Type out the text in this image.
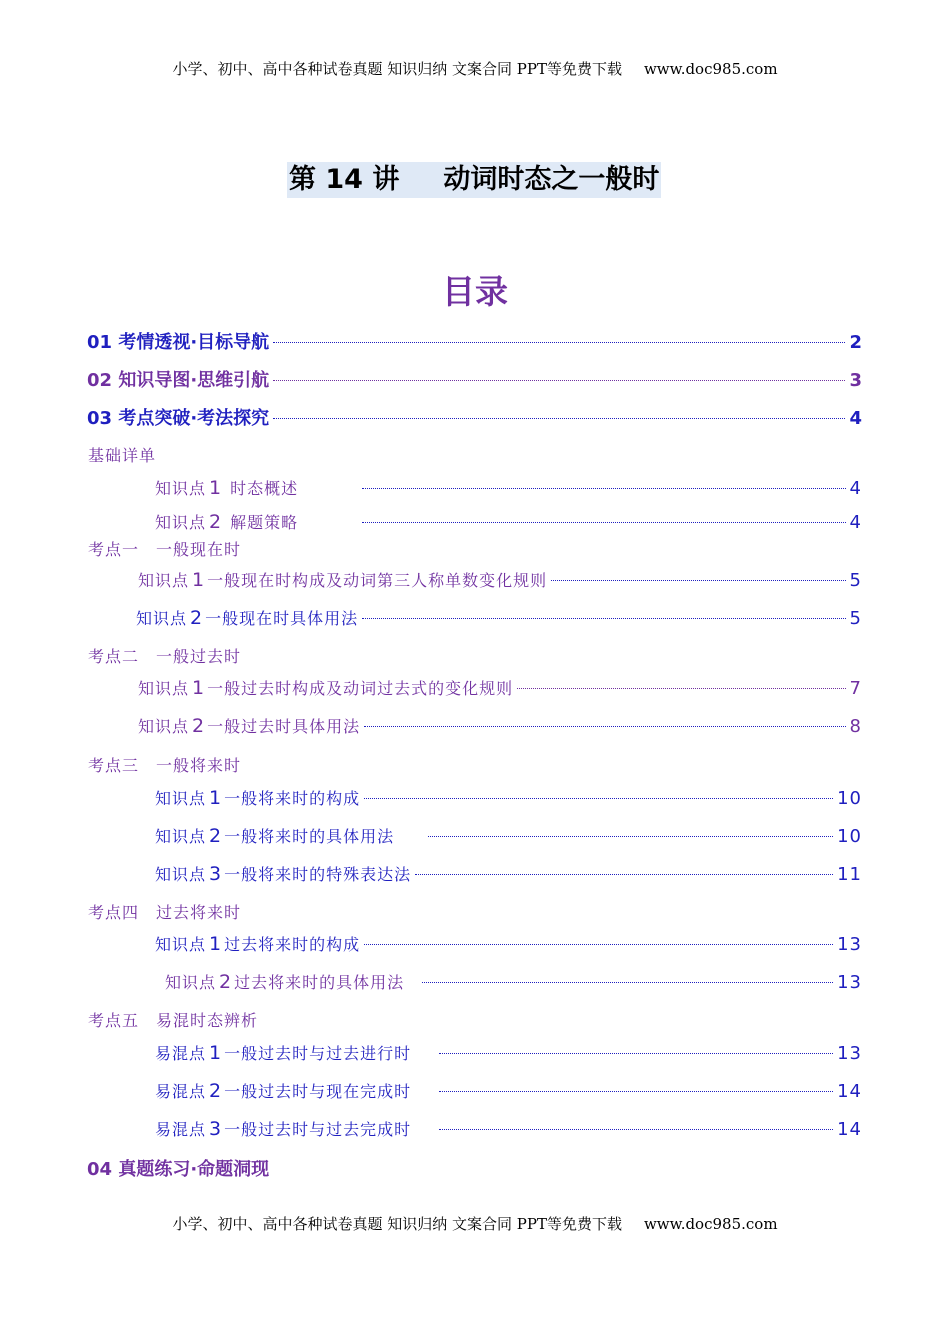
小学、初中、高中各种试卷真题 知识归纳 文案合同 PPT等免费下载 www.doc985.com
第 14 讲 动词时态之一般时
目录
01 考情透视·目标导航	2
02 知识导图·思维引航	3
03 考点突破·考法探究	4
基础详单
知识点 1 时态概述	4
知识点 2 解题策略	4
考点一　一般现在时
知识点 1 一般现在时构成及动词第三人称单数变化规则	5
知识点 2 一般现在时具体用法	5
考点二　一般过去时
知识点 1 一般过去时构成及动词过去式的变化规则	7
知识点 2 一般过去时具体用法	8
考点三　一般将来时
知识点 1 一般将来时的构成	10
知识点 2 一般将来时的具体用法	10
知识点 3 一般将来时的特殊表达法	11
考点四　过去将来时
知识点 1 过去将来时的构成	13
知识点 2 过去将来时的具体用法	13
考点五　易混时态辨析
易混点 1 一般过去时与过去进行时	13
易混点 2 一般过去时与现在完成时	14
易混点 3 一般过去时与过去完成时	14
04 真题练习·命题洞现
小学、初中、高中各种试卷真题 知识归纳 文案合同 PPT等免费下载 www.doc985.com
